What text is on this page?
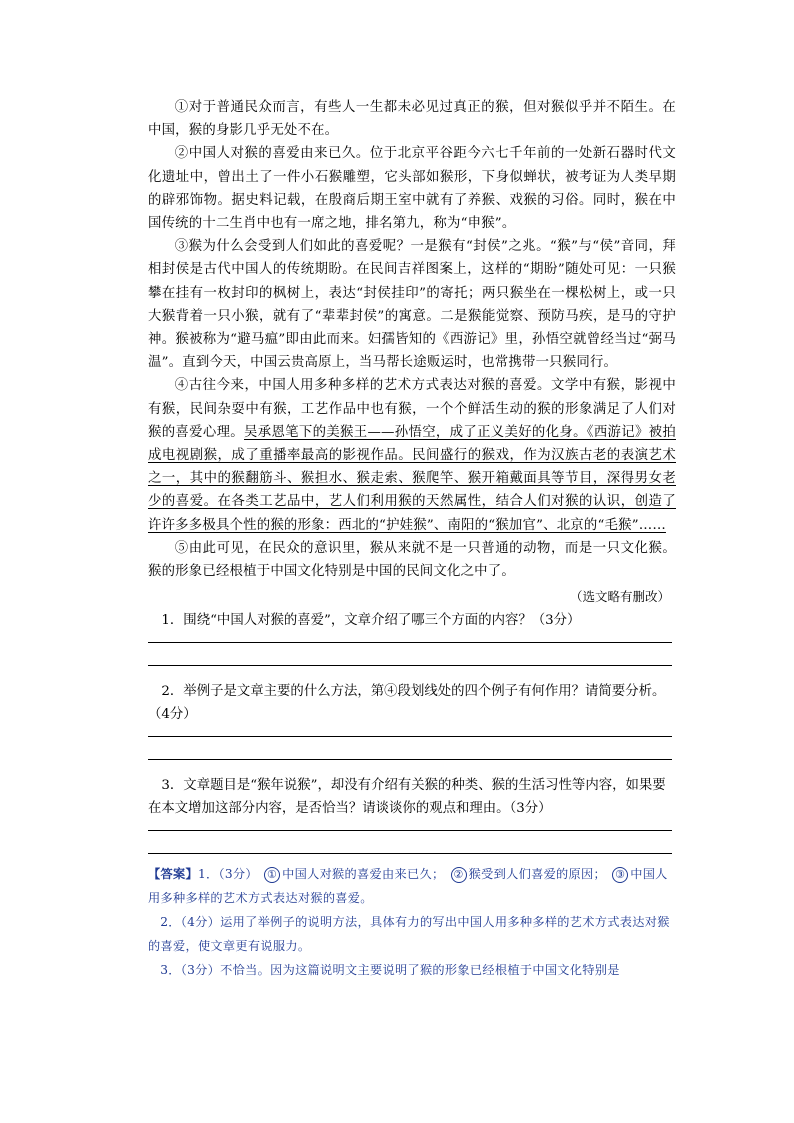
①对于普通民众而言，有些人一生都未必见过真正的猴，但对猴似乎并不陌生。在中国，猴的身影几乎无处不在。

②中国人对猴的喜爱由来已久。位于北京平谷距今六七千年前的一处新石器时代文化遗址中，曾出土了一件小石猴雕塑，它头部如猴形，下身似蝉状，被考证为人类早期的辟邪饰物。据史料记载，在殷商后期王室中就有了养猴、戏猴的习俗。同时，猴在中国传统的十二生肖中也有一席之地，排名第九，称为“申猴”。

③猴为什么会受到人们如此的喜爱呢？一是猴有“封侯”之兆。“猴”与“侯”音同，拜相封侯是古代中国人的传统期盼。在民间吉祥图案上，这样的“期盼”随处可见：一只猴攀在挂有一枚封印的枫树上，表达“封侯挂印”的寄托；两只猴坐在一棵松树上，或一只大猴背着一只小猴，就有了“辈辈封侯”的寓意。二是猴能觉察、预防马疾，是马的守护神。猴被称为“避马瘟”即由此而来。妇孺皆知的《西游记》里，孙悟空就曾经当过“弼马温”。直到今天，中国云贵高原上，当马帮长途贩运时，也常携带一只猴同行。

④古往今来，中国人用多种多样的艺术方式表达对猴的喜爱。文学中有猴，影视中有猴，民间杂耍中有猴，工艺作品中也有猴，一个个鲜活生动的猴的形象满足了人们对猴的喜爱心理。吴承恩笔下的美猴王——孙悟空，成了正义美好的化身。《西游记》被拍成电视剧猴，成了重播率最高的影视作品。民间盛行的猴戏，作为汉族古老的表演艺术之一，其中的猴翻筋斗、猴担水、猴走索、猴爬竿、猴开箱戴面具等节目，深得男女老少的喜爱。在各类工艺品中，艺人们利用猴的天然属性，结合人们对猴的认识，创造了许许多多极具个性的猴的形象：西北的“护娃猴”、南阳的“猴加官”、北京的“毛猴”……

⑤由此可见，在民众的意识里，猴从来就不是一只普通的动物，而是一只文化猴。猴的形象已经根植于中国文化特别是中国的民间文化之中了。

（选文略有删改）

1．围绕“中国人对猴的喜爱”，文章介绍了哪三个方面的内容？（3分）

2．举例子是文章主要的什么方法，第④段划线处的四个例子有何作用？请简要分析。（4分）

3．文章题目是“猴年说猴”，却没有介绍有关猴的种类、猴的生活习性等内容，如果要在本文增加这部分内容，是否恰当？请谈谈你的观点和理由。（3分）

【答案】1．（3分） ① 中国人对猴的喜爱由来已久； ② 猴受到人们喜爱的原因； ③ 中国人用多种多样的艺术方式表达对猴的喜爱。

2．（4分）运用了举例子的说明方法，具体有力的写出中国人用多种多样的艺术方式表达对猴的喜爱，使文章更有说服力。

3．（3分）不恰当。因为这篇说明文主要说明了猴的形象已经根植于中国文化特别是
